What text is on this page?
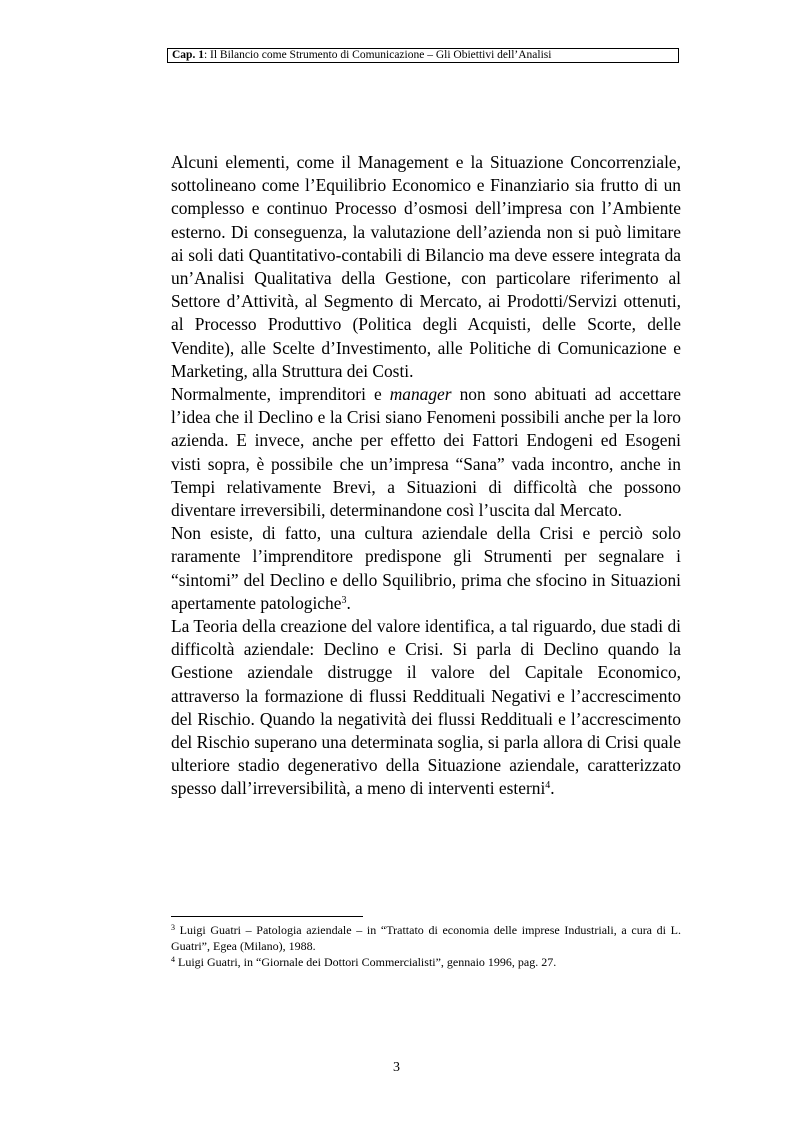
Cap. 1: Il Bilancio come Strumento di Comunicazione – Gli Obiettivi dell’Analisi

Alcuni elementi, come il Management e la Situazione Concorrenziale, sottolineano come l’Equilibrio Economico e Finanziario sia frutto di un complesso e continuo Processo d’osmosi dell’impresa con l’Ambiente esterno. Di conseguenza, la valutazione dell’azienda non si può limitare ai soli dati Quantitativo-contabili di Bilancio ma deve essere integrata da un’Analisi Qualitativa della Gestione, con particolare riferimento al Settore d’Attività, al Segmento di Mercato, ai Prodotti/Servizi ottenuti, al Processo Produttivo (Politica degli Acquisti, delle Scorte, delle Vendite), alle Scelte d’Investimento, alle Politiche di Comunicazione e Marketing, alla Struttura dei Costi.

Normalmente, imprenditori e manager non sono abituati ad accettare l’idea che il Declino e la Crisi siano Fenomeni possibili anche per la loro azienda. E invece, anche per effetto dei Fattori Endogeni ed Esogeni visti sopra, è possibile che un’impresa “Sana” vada incontro, anche in Tempi relativamente Brevi, a Situazioni di difficoltà che possono diventare irreversibili, determinandone così l’uscita dal Mercato.

Non esiste, di fatto, una cultura aziendale della Crisi e perciò solo raramente l’imprenditore predispone gli Strumenti per segnalare i “sintomi” del Declino e dello Squilibrio, prima che sfocino in Situazioni apertamente patologiche$^3$.

La Teoria della creazione del valore identifica, a tal riguardo, due stadi di difficoltà aziendale: Declino e Crisi. Si parla di Declino quando la Gestione aziendale distrugge il valore del Capitale Economico, attraverso la formazione di flussi Reddituali Negativi e l’accrescimento del Rischio. Quando la negatività dei flussi Reddituali e l’accrescimento del Rischio superano una determinata soglia, si parla allora di Crisi quale ulteriore stadio degenerativo della Situazione aziendale, caratterizzato spesso dall’irreversibilità, a meno di interventi esterni$^4$.

$^3$ Luigi Guatri – Patologia aziendale – in “Trattato di economia delle imprese Industriali, a cura di L. Guatri”, Egea (Milano), 1988.

$^4$ Luigi Guatri, in “Giornale dei Dottori Commercialisti”, gennaio 1996, pag. 27.

3
